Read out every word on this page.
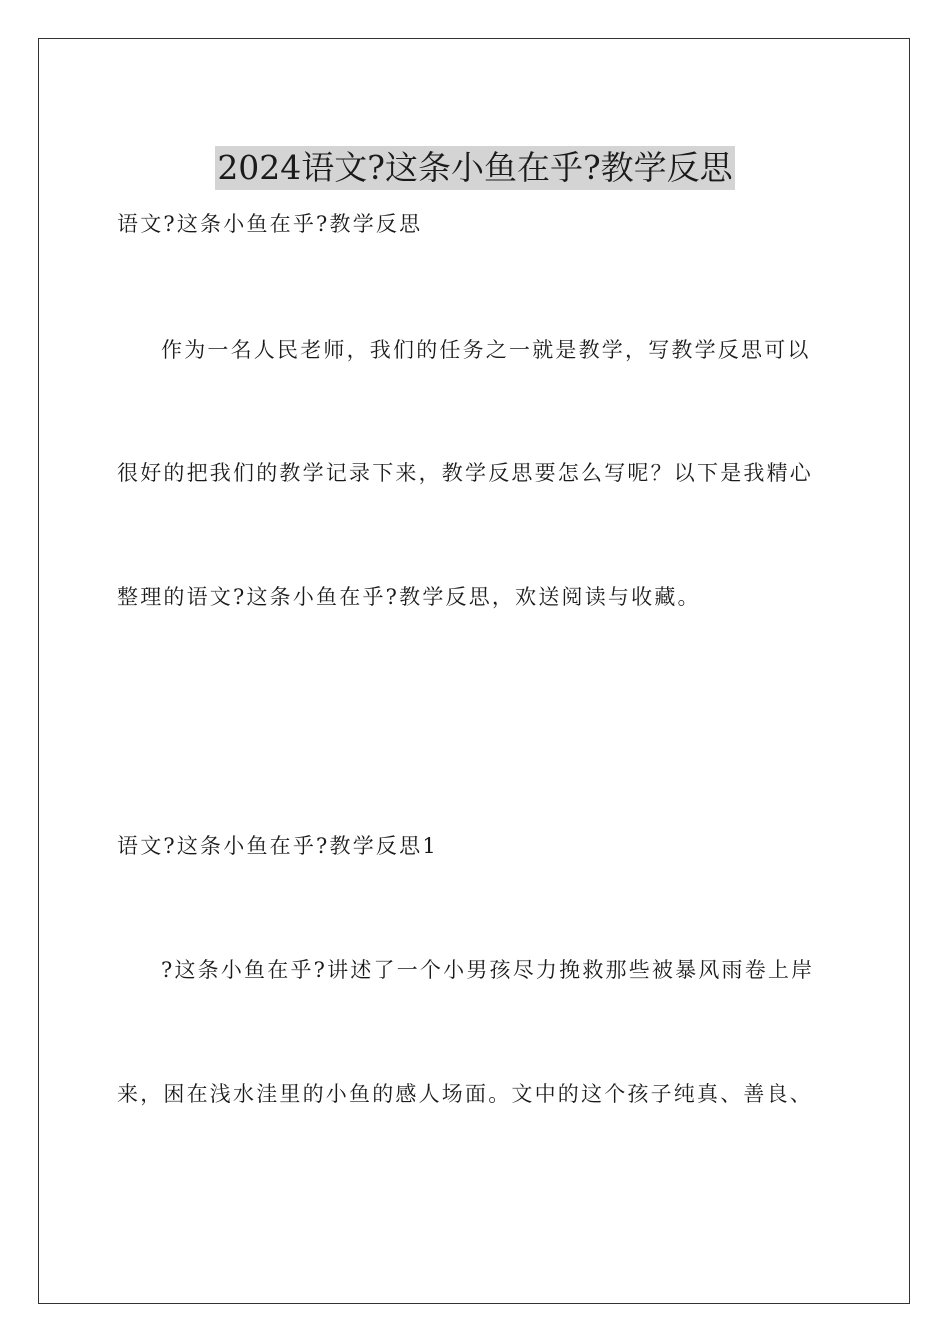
2024语文?这条小鱼在乎?教学反思
语文?这条小鱼在乎?教学反思
作为一名人民老师，我们的任务之一就是教学，写教学反思可以
很好的把我们的教学记录下来，教学反思要怎么写呢？以下是我精心
整理的语文?这条小鱼在乎?教学反思，欢送阅读与收藏。
语文?这条小鱼在乎?教学反思1
?这条小鱼在乎?讲述了一个小男孩尽力挽救那些被暴风雨卷上岸
来，困在浅水洼里的小鱼的感人场面。文中的这个孩子纯真、善良、
